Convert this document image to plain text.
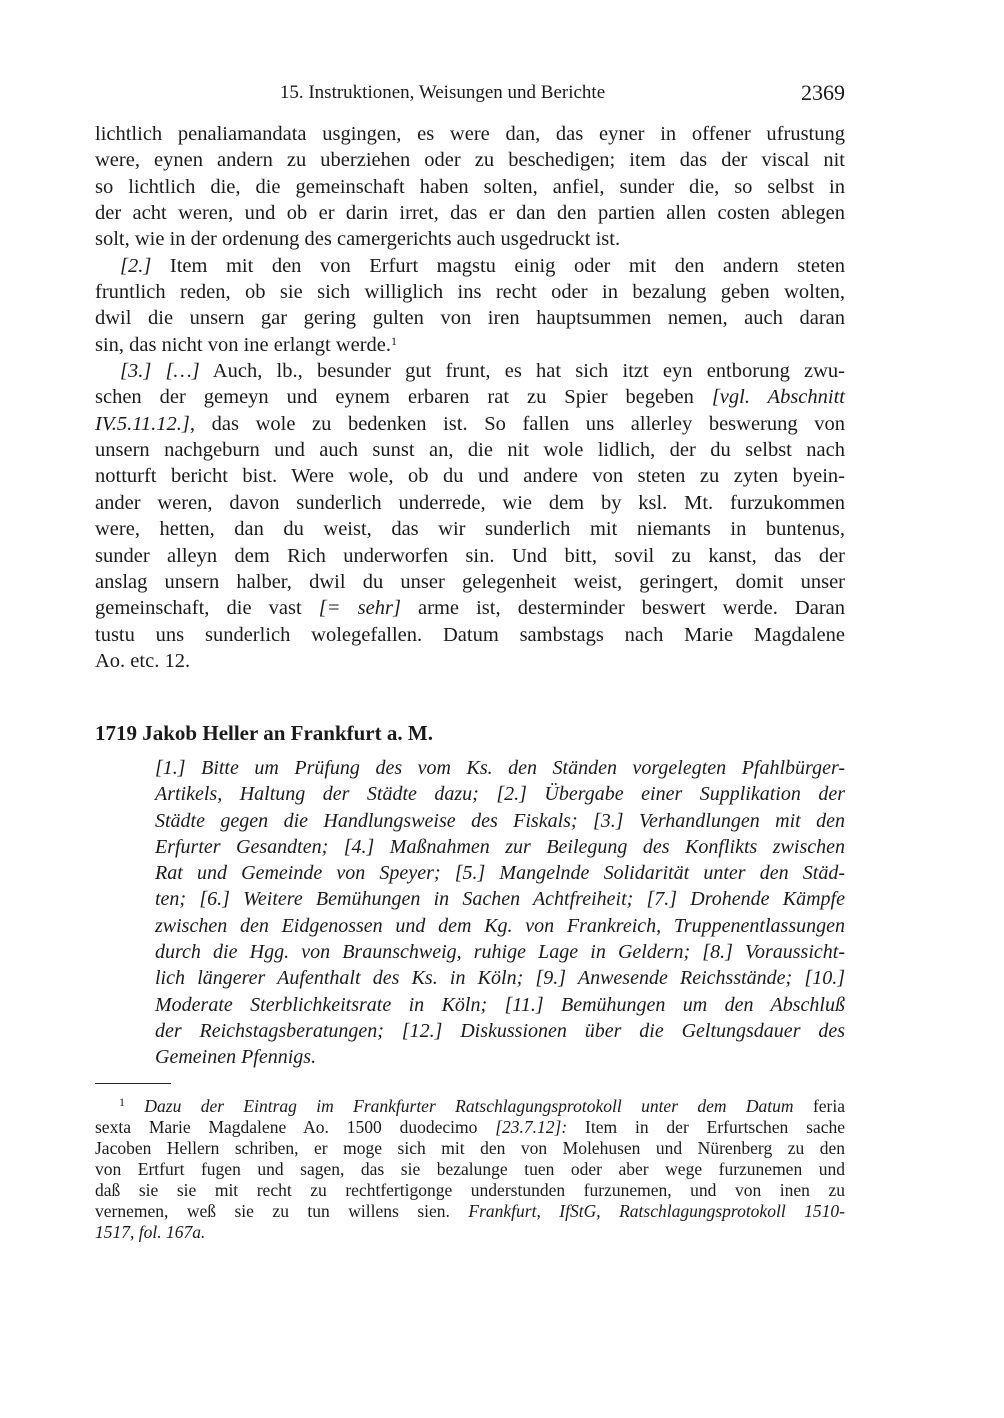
15. Instruktionen, Weisungen und Berichte	2369
lichtlich penaliamandata usgingen, es were dan, das eyner in offener ufrustung
were, eynen andern zu uberziehen oder zu beschedigen; item das der viscal nit
so lichtlich die, die gemeinschaft haben solten, anfiel, sunder die, so selbst in
der acht weren, und ob er darin irret, das er dan den partien allen costen ablegen
solt, wie in der ordenung des camergerichts auch usgedruckt ist.
[2.] Item mit den von Erfurt magstu einig oder mit den andern steten
fruntlich reden, ob sie sich williglich ins recht oder in bezalung geben wolten,
dwil die unsern gar gering gulten von iren hauptsummen nemen, auch daran
sin, das nicht von ine erlangt werde.$^1$
[3.] […] Auch, lb., besunder gut frunt, es hat sich itzt eyn entborung zwu-
schen der gemeyn und eynem erbaren rat zu Spier begeben [vgl. Abschnitt
IV.5.11.12.], das wole zu bedenken ist. So fallen uns allerley beswerung von
unsern nachgeburn und auch sunst an, die nit wole lidlich, der du selbst nach
notturft bericht bist. Were wole, ob du und andere von steten zu zyten byein-
ander weren, davon sunderlich underrede, wie dem by ksl. Mt. furzukommen
were, hetten, dan du weist, das wir sunderlich mit niemants in buntenus,
sunder alleyn dem Rich underworfen sin. Und bitt, sovil zu kanst, das der
anslag unsern halber, dwil du unser gelegenheit weist, geringert, domit unser
gemeinschaft, die vast [= sehr] arme ist, desterminder beswert werde. Daran
tustu uns sunderlich wolegefallen. Datum sambstags nach Marie Magdalene
Ao. etc. 12.
1719 Jakob Heller an Frankfurt a. M.
[1.] Bitte um Prüfung des vom Ks. den Ständen vorgelegten Pfahlbürger-
Artikels, Haltung der Städte dazu; [2.] Übergabe einer Supplikation der
Städte gegen die Handlungsweise des Fiskals; [3.] Verhandlungen mit den
Erfurter Gesandten; [4.] Maßnahmen zur Beilegung des Konflikts zwischen
Rat und Gemeinde von Speyer; [5.] Mangelnde Solidarität unter den Städ-
ten; [6.] Weitere Bemühungen in Sachen Achtfreiheit; [7.] Drohende Kämpfe
zwischen den Eidgenossen und dem Kg. von Frankreich, Truppenentlassungen
durch die Hgg. von Braunschweig, ruhige Lage in Geldern; [8.] Voraussicht-
lich längerer Aufenthalt des Ks. in Köln; [9.] Anwesende Reichsstände; [10.]
Moderate Sterblichkeitsrate in Köln; [11.] Bemühungen um den Abschluß
der Reichstagsberatungen; [12.] Diskussionen über die Geltungsdauer des
Gemeinen Pfennigs.
$^1$ Dazu der Eintrag im Frankfurter Ratschlagungsprotokoll unter dem Datum feria
sexta Marie Magdalene Ao. 1500 duodecimo [23.7.12]: Item in der Erfurtschen sache
Jacoben Hellern schriben, er moge sich mit den von Molehusen und Nürenberg zu den
von Ertfurt fugen und sagen, das sie bezalunge tuen oder aber wege furzunemen und
daß sie sie mit recht zu rechtfertigonge understunden furzunemen, und von inen zu
vernemen, weß sie zu tun willens sien. Frankfurt, IfStG, Ratschlagungsprotokoll 1510-
1517, fol. 167a.
